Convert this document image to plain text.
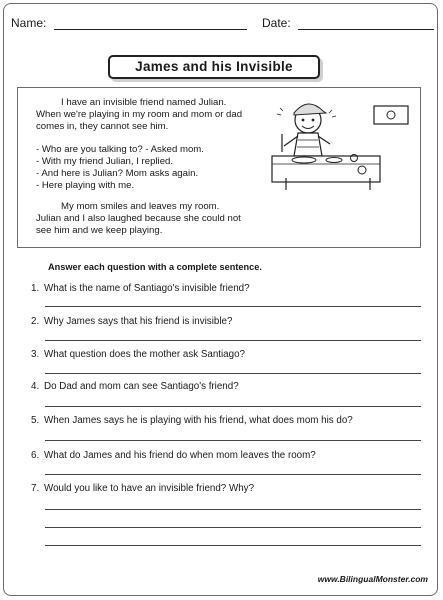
Name:	Date:
James and his Invisible
I have an invisible friend named Julian.
When we're playing in my room and mom or dad
comes in, they cannot see him.
- Who are you talking to? - Asked mom.
- With my friend Julian, I replied.
- And here is Julian? Mom asks again.
- Here playing with me.
My mom smiles and leaves my room.
Julian and I also laughed because she could not
see him and we keep playing.
Answer each question with a complete sentence.
1. What is the name of Santiago's invisible friend?
2. Why James says that his friend is invisible?
3. What question does the mother ask Santiago?
4. Do Dad and mom can see Santiago's friend?
5. When James says he is playing with his friend, what does mom his do?
6. What do James and his friend do when mom leaves the room?
7. Would you like to have an invisible friend? Why?
www.BilingualMonster.com
